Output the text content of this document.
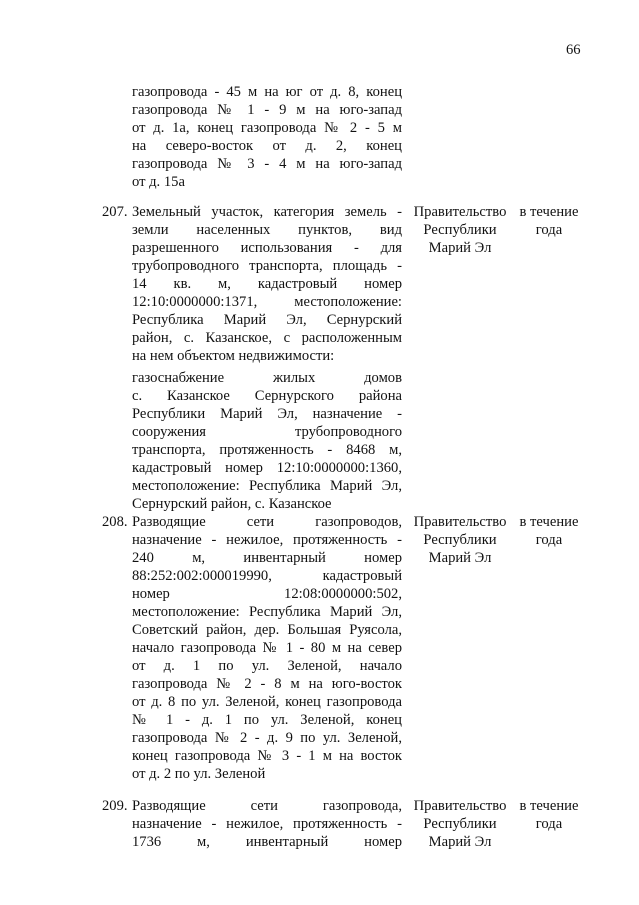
66
газопровода - 45 м на юг от д. 8, конец
газопровода № 1 - 9 м на юго-запад
от д. 1а, конец газопровода № 2 - 5 м
на северо-восток от д. 2, конец
газопровода № 3 - 4 м на юго-запад
от д. 15а
207. Земельный участок, категория земель -
земли населенных пунктов, вид
разрешенного использования - для
трубопроводного транспорта, площадь -
14 кв. м, кадастровый номер
12:10:0000000:1371, местоположение:
Республика Марий Эл, Сернурский
район, с. Казанское, с расположенным
на нем объектом недвижимости:
газоснабжение жилых домов
с. Казанское Сернурского района
Республики Марий Эл, назначение -
сооружения трубопроводного
транспорта, протяженность - 8468 м,
кадастровый номер 12:10:0000000:1360,
местоположение: Республика Марий Эл,
Сернурский район, с. Казанское
Правительство
Республики
Марий Эл
в течение
года
208. Разводящие сети газопроводов,
назначение - нежилое, протяженность -
240 м, инвентарный номер
88:252:002:000019990, кадастровый
номер 12:08:0000000:502,
местоположение: Республика Марий Эл,
Советский район, дер. Большая Руясола,
начало газопровода № 1 - 80 м на север
от д. 1 по ул. Зеленой, начало
газопровода № 2 - 8 м на юго-восток
от д. 8 по ул. Зеленой, конец газопровода
№ 1 - д. 1 по ул. Зеленой, конец
газопровода № 2 - д. 9 по ул. Зеленой,
конец газопровода № 3 - 1 м на восток
от д. 2 по ул. Зеленой
Правительство
Республики
Марий Эл
в течение
года
209. Разводящие сети газопровода,
назначение - нежилое, протяженность -
1736 м, инвентарный номер
Правительство
Республики
Марий Эл
в течение
года
